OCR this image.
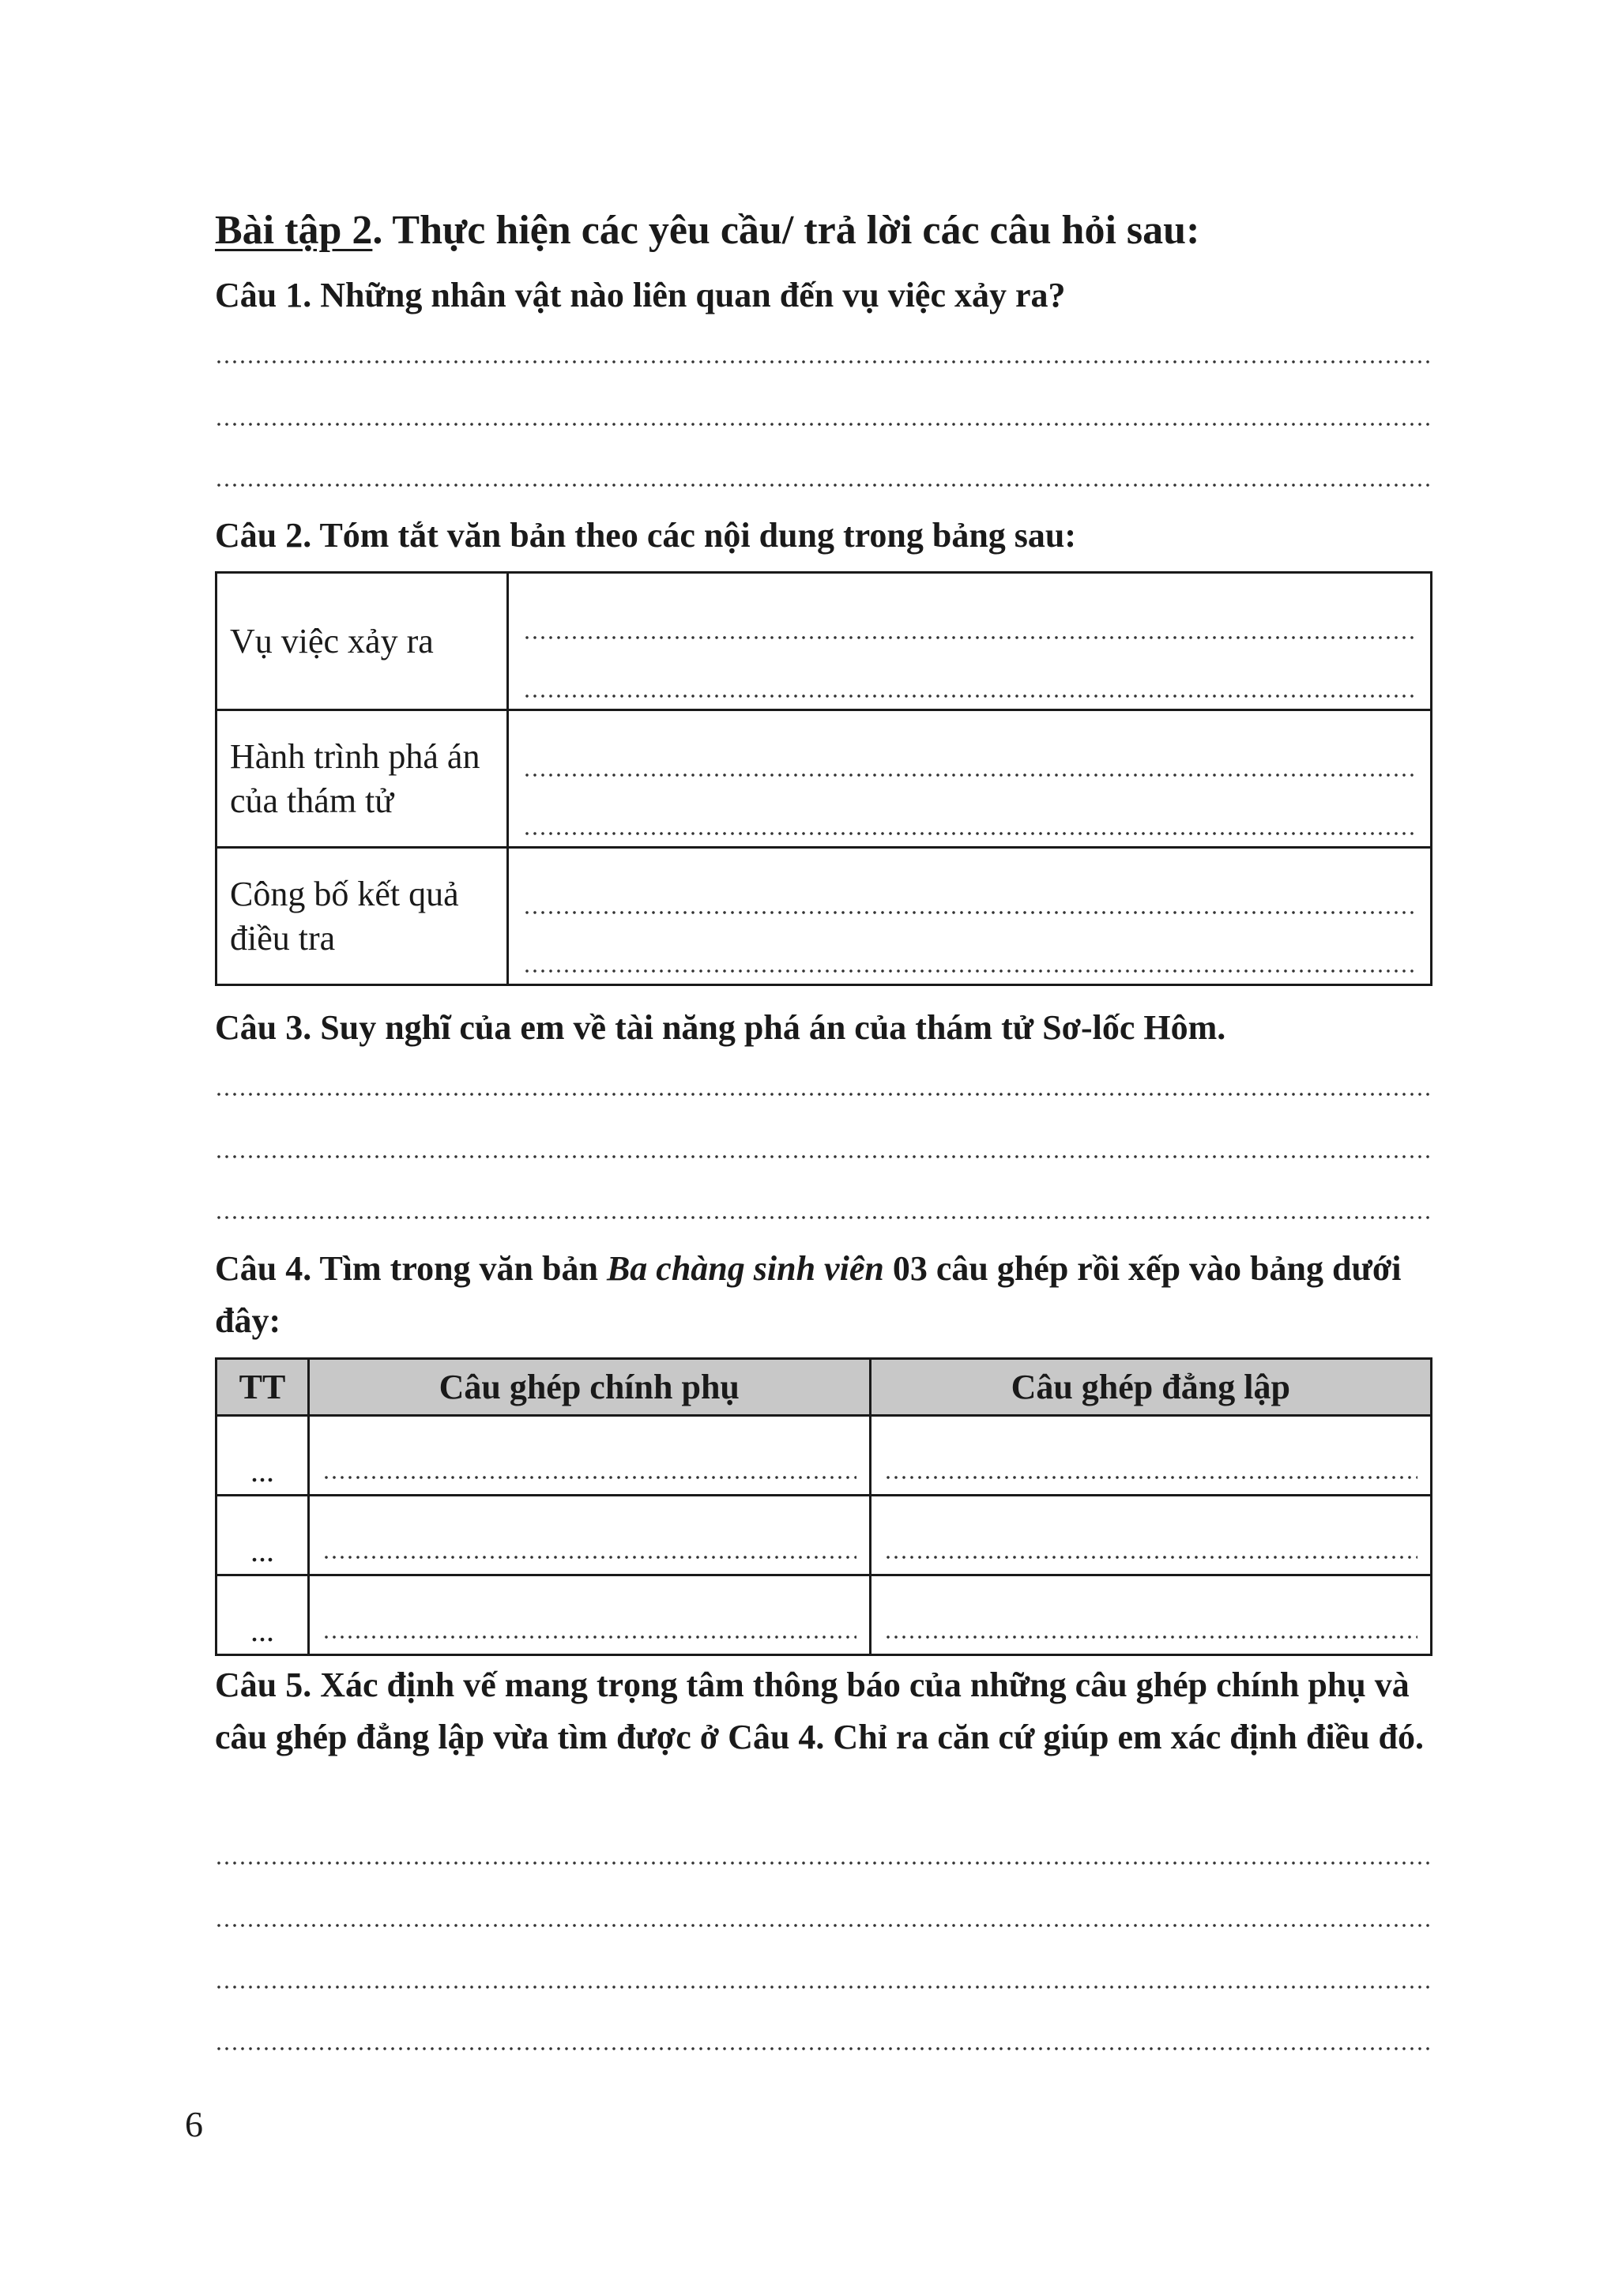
Bài tập 2. Thực hiện các yêu cầu/ trả lời các câu hỏi sau:
Câu 1. Những nhân vật nào liên quan đến vụ việc xảy ra?
Câu 2. Tóm tắt văn bản theo các nội dung trong bảng sau:
Vụ việc xảy ra	

Hành trình phá án của thám tử	

Công bố kết quả điều tra	
Câu 3. Suy nghĩ của em về tài năng phá án của thám tử Sơ-lốc Hôm.
Câu 4. Tìm trong văn bản Ba chàng sinh viên 03 câu ghép rồi xếp vào bảng dưới đây:
TT	Câu ghép chính phụ	Câu ghép đẳng lập

...		

...		

...		

Câu 5. Xác định vế mang trọng tâm thông báo của những câu ghép chính phụ và câu ghép đẳng lập vừa tìm được ở Câu 4. Chỉ ra căn cứ giúp em xác định điều đó.
6
